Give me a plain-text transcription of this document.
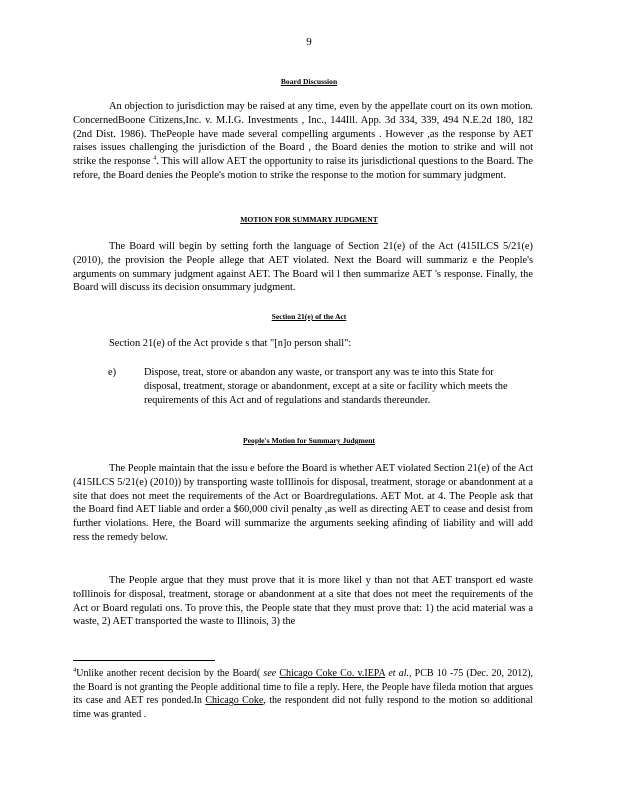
9
Board Discussion

An objection to jurisdiction may be raised at any time, even by the appellate court on its own motion. ConcernedBoone Citizens,Inc. v. M.I.G. Investments , Inc., 144Ill. App. 3d 334, 339, 494 N.E.2d 180, 182 (2nd Dist. 1986). ThePeople have made several compelling arguments . However ,as the response by AET raises issues challenging the jurisdiction of the Board , the Board denies the motion to strike and will not strike the response $^4$. This will allow AET the opportunity to raise its jurisdictional questions to the Board. The refore, the Board denies the People's motion to strike the response to the motion for summary judgment.

MOTION FOR SUMMARY JUDGMENT

The Board will begin by setting forth the language of Section 21(e) of the Act (415ILCS 5/21(e) (2010), the provision the People allege that AET violated. Next the Board will summariz e the People's arguments on summary judgment against AET. The Board wil l then summarize AET 's response. Finally, the Board will discuss its decision onsummary judgment.

Section 21(e) of the Act

Section 21(e) of the Act provide s that "[n]o person shall":

e)	Dispose, treat, store or abandon any waste, or transport any was te into this State for disposal, treatment, storage or abandonment, except at a site or facility which meets the requirements of this Act and of regulations and standards thereunder.

People's Motion for Summary Judgment

The People maintain that the issu e before the Board is whether AET violated Section 21(e) of the Act (415ILCS 5/21(e) (2010)) by transporting waste toIllinois for disposal, treatment, storage or abandonment at a site that does not meet the requirements of the Act or Boardregulations. AET Mot. at 4. The People ask that the Board find AET liable and order a $60,000 civil penalty ,as well as directing AET to cease and desist from further violations. Here, the Board will summarize the arguments seeking afinding of liability and will add ress the remedy below.

The People argue that they must prove that it is more likel y than not that AET transport ed waste toIllinois for disposal, treatment, storage or abandonment at a site that does not meet the requirements of the Act or Board regulati ons. To prove this, the People state that they must prove that: 1) the acid material was a waste, 2) AET transported the waste to Illinois, 3) the

$^4$Unlike another recent decision by the Board( see Chicago Coke Co. v.IEPA et al., PCB 10 -75 (Dec. 20, 2012), the Board is not granting the People additional time to file a reply. Here, the People have fileda motion that argues its case and AET res ponded.In Chicago Coke, the respondent did not fully respond to the motion so additional time was granted .
